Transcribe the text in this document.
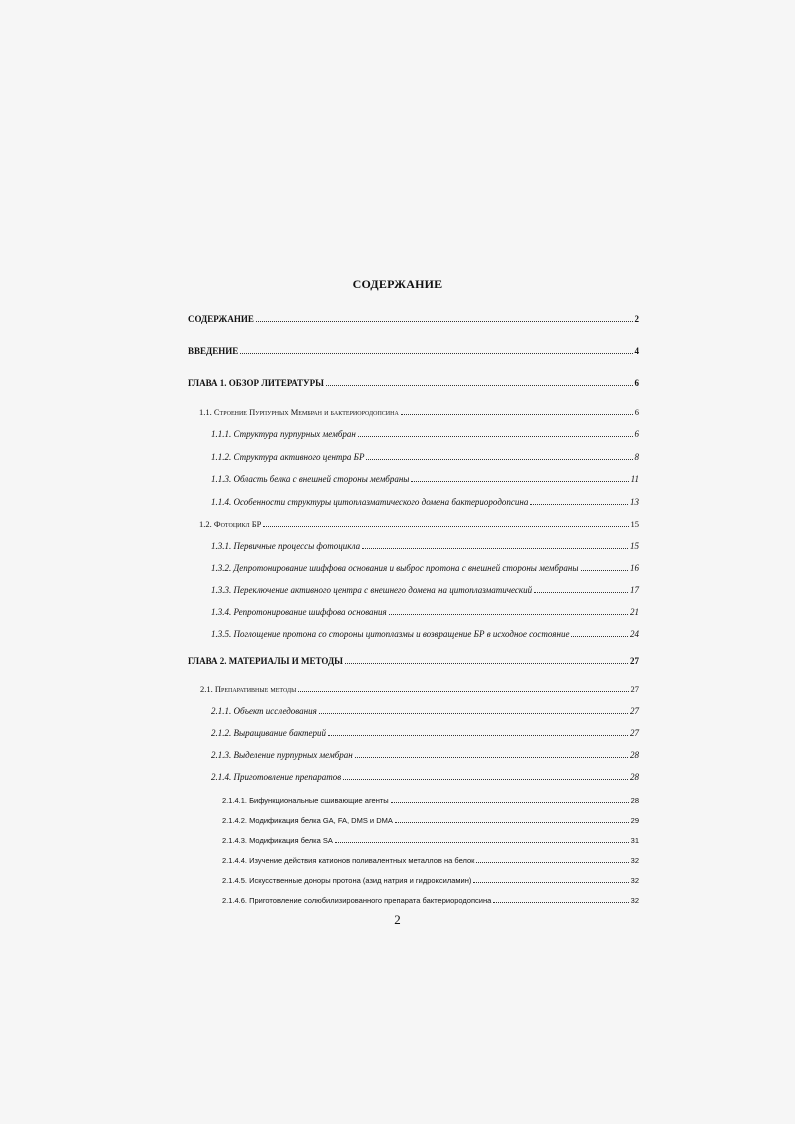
СОДЕРЖАНИЕ
СОДЕРЖАНИЕ	2
ВВЕДЕНИЕ	4
ГЛАВА 1. ОБЗОР ЛИТЕРАТУРЫ	6
1.1. Строение Пурпурных Мембран и бактериородопсина	6
1.1.1. Структура пурпурных мембран	6
1.1.2. Структура активного центра БР	8
1.1.3. Область белка с внешней стороны мембраны	11
1.1.4. Особенности структуры цитоплазматического домена бактериородопсина	13
1.2. Фотоцикл БР	15
1.3.1. Первичные процессы фотоцикла	15
1.3.2. Депротонирование шиффова основания и выброс протона с внешней стороны мембраны	16
1.3.3. Переключение активного центра с внешнего домена на цитоплазматический	17
1.3.4. Репротонирование шиффова основания	21
1.3.5. Поглощение протона со стороны цитоплазмы и возвращение БР в исходное состояние	24
ГЛАВА 2. МАТЕРИАЛЫ И МЕТОДЫ	27
2.1. Препаративные методы	27
2.1.1. Объект исследования	27
2.1.2. Выращивание бактерий	27
2.1.3. Выделение пурпурных мембран	28
2.1.4. Приготовление препаратов	28
2.1.4.1. Бифункциональные сшивающие агенты	28
2.1.4.2. Модификация белка GA, FA, DMS и DMA	29
2.1.4.3. Модификация белка SA	31
2.1.4.4. Изучение действия катионов поливалентных металлов на белок	32
2.1.4.5. Искусственные доноры протона (азид натрия и гидроксиламин)	32
2.1.4.6. Приготовление солюбилизированного препарата бактериородопсина	32
2
